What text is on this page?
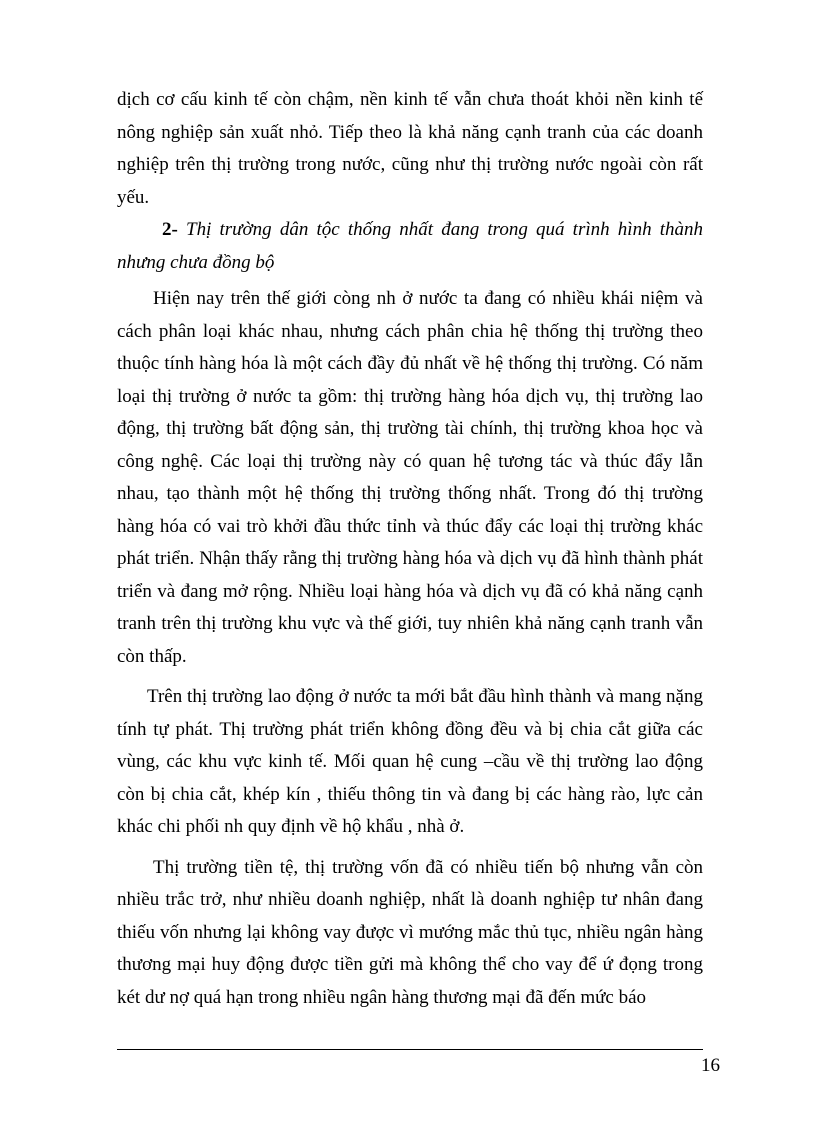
dịch cơ cấu kinh tế còn chậm, nền kinh tế vẫn chưa thoát khỏi nền kinh tế nông nghiệp sản xuất nhỏ. Tiếp theo là khả năng cạnh tranh của các doanh nghiệp trên thị trường trong nước, cũng như thị trường nước ngoài còn rất yếu.

2- Thị trường dân tộc thống nhất đang trong quá trình hình thành nhưng chưa đồng bộ

Hiện nay trên thế giới còng nh ở nước ta đang có nhiều khái niệm và cách phân loại khác nhau, nhưng cách phân chia hệ thống thị trường theo thuộc tính hàng hóa là một cách đầy đủ nhất về hệ thống thị trường. Có năm loại thị trường ở nước ta gồm: thị trường hàng hóa dịch vụ, thị trường lao động, thị trường bất động sản, thị trường tài chính, thị trường khoa học và công nghệ. Các loại thị trường này có quan hệ tương tác và thúc đẩy lẫn nhau, tạo thành một hệ thống thị trường thống nhất. Trong đó thị trường hàng hóa có vai trò khởi đầu thức tỉnh và thúc đẩy các loại thị trường khác phát triển. Nhận thấy rằng thị trường hàng hóa và dịch vụ đã hình thành phát triển và đang mở rộng. Nhiều loại hàng hóa và dịch vụ đã có khả năng cạnh tranh trên thị trường khu vực và thế giới, tuy nhiên khả năng cạnh tranh vẫn còn thấp.

Trên thị trường lao động ở nước ta mới bắt đầu hình thành và mang nặng tính tự phát. Thị trường phát triển không đồng đều và bị chia cắt giữa các vùng, các khu vực kinh tế. Mối quan hệ cung –cầu về thị trường lao động còn bị chia cắt, khép kín , thiếu thông tin và đang bị các hàng rào, lực cản khác chi phối nh quy định về hộ khẩu , nhà ở.

Thị trường tiền tệ, thị trường vốn đã có nhiều tiến bộ nhưng vẫn còn nhiều trắc trở, như nhiều doanh nghiệp, nhất là doanh nghiệp tư nhân đang thiếu vốn nhưng lại không vay được vì mướng mắc thủ tục, nhiều ngân hàng thương mại huy động được tiền gửi mà không thể cho vay để ứ đọng trong két dư nợ quá hạn trong nhiều ngân hàng thương mại đã đến mức báo

16
